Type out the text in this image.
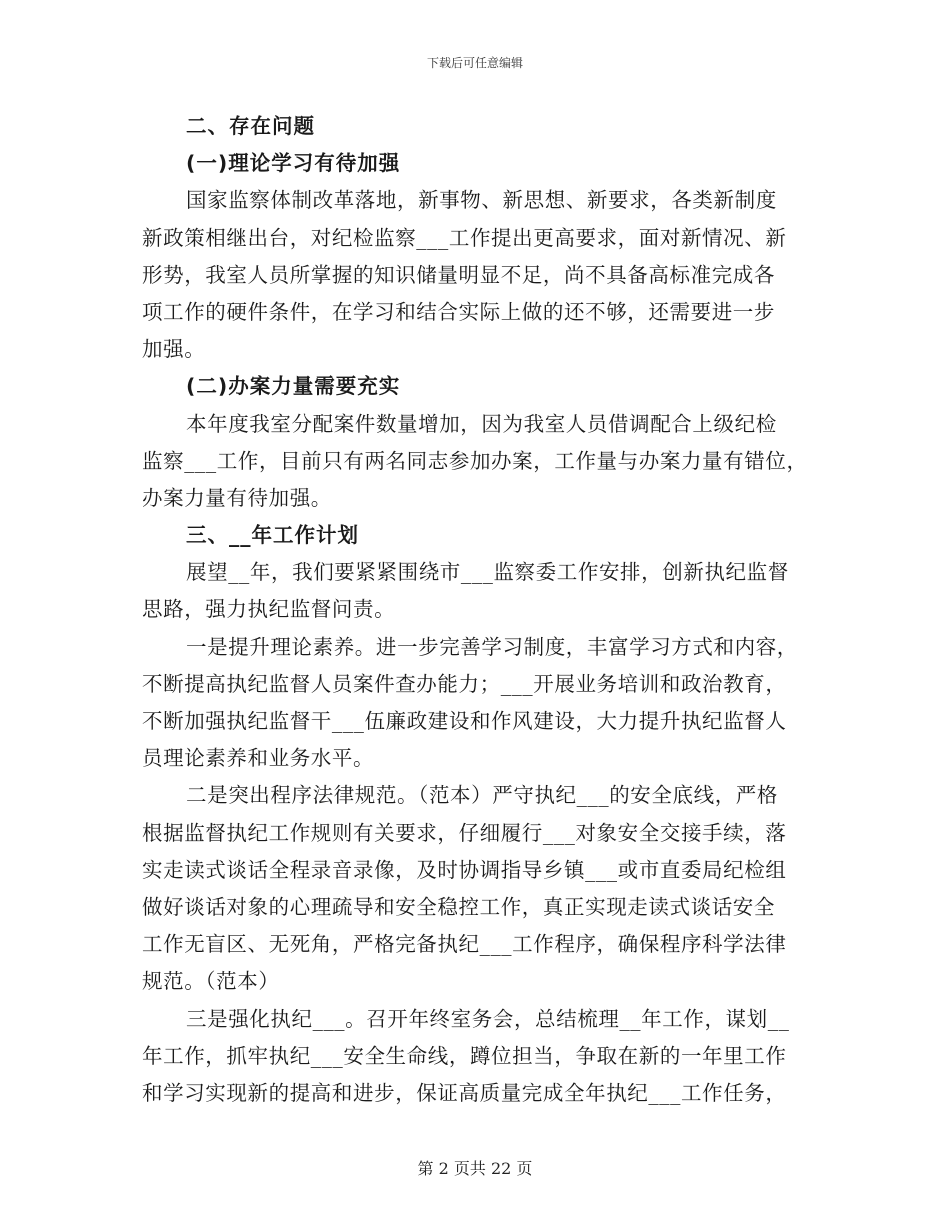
下载后可任意编辑
二、存在问题
(一)理论学习有待加强
国家监察体制改革落地，新事物、新思想、新要求，各类新制度
新政策相继出台，对纪检监察___工作提出更高要求，面对新情况、新
形势，我室人员所掌握的知识储量明显不足，尚不具备高标准完成各
项工作的硬件条件，在学习和结合实际上做的还不够，还需要进一步
加强。
(二)办案力量需要充实
本年度我室分配案件数量增加，因为我室人员借调配合上级纪检
监察___工作，目前只有两名同志参加办案，工作量与办案力量有错位，
办案力量有待加强。
三、__年工作计划
展望__年，我们要紧紧围绕市___监察委工作安排，创新执纪监督
思路，强力执纪监督问责。
一是提升理论素养。进一步完善学习制度，丰富学习方式和内容，
不断提高执纪监督人员案件查办能力；___开展业务培训和政治教育，
不断加强执纪监督干___伍廉政建设和作风建设，大力提升执纪监督人
员理论素养和业务水平。
二是突出程序法律规范。（范本）严守执纪___的安全底线，严格
根据监督执纪工作规则有关要求，仔细履行___对象安全交接手续，落
实走读式谈话全程录音录像，及时协调指导乡镇___或市直委局纪检组
做好谈话对象的心理疏导和安全稳控工作，真正实现走读式谈话安全
工作无盲区、无死角，严格完备执纪___工作程序，确保程序科学法律
规范。（范本）
三是强化执纪___。召开年终室务会，总结梳理__年工作，谋划__
年工作，抓牢执纪___安全生命线，蹲位担当，争取在新的一年里工作
和学习实现新的提高和进步，保证高质量完成全年执纪___工作任务，
第 2 页共 22 页
